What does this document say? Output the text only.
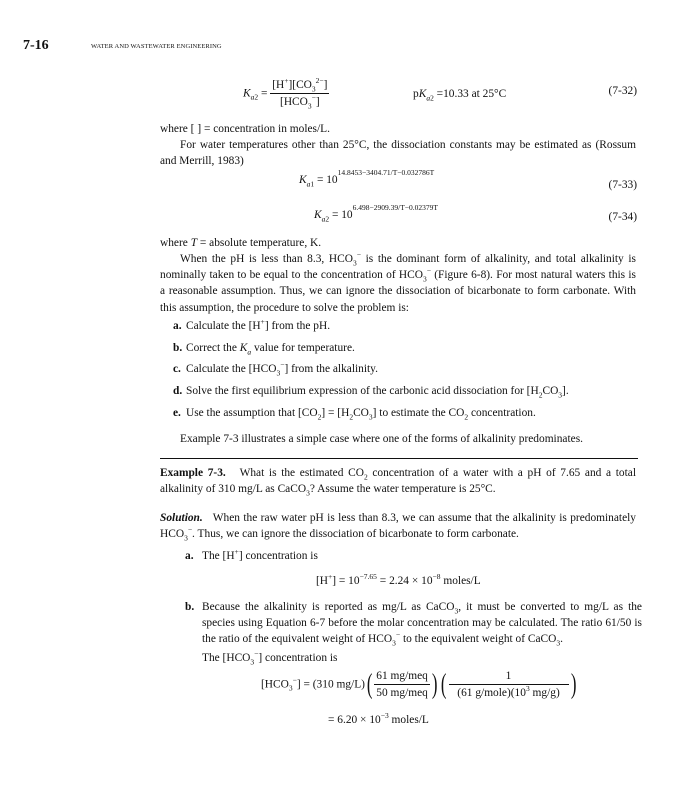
7-16	WATER AND WASTEWATER ENGINEERING
$K_{a2} = \frac{[H^+][CO_3^{2-}]}{[HCO_3^-]}$	$pK_{a2} =10.33$ at 25°C	(7-32)
where [ ] = concentration in moles/L.
For water temperatures other than 25°C, the dissociation constants may be estimated as (Rossum and Merrill, 1983)
$K_{a1} = 10^{14.8453-3404.71/T-0.032786T}$
(7-33)
$K_{a2} = 10^{6.498-2909.39/T-0.02379T}$
(7-34)
where T = absolute temperature, K.
When the pH is less than 8.3, $HCO_3^-$ is the dominant form of alkalinity, and total alkalinity is nominally taken to be equal to the concentration of $HCO_3^-$ (Figure 6-8). For most natural waters this is a reasonable assumption. Thus, we can ignore the dissociation of bicarbonate to form carbonate. With this assumption, the procedure to solve the problem is:
a. Calculate the [H+] from the pH.
b. Correct the $K_a$ value for temperature.
c. Calculate the $[HCO_3^-]$ from the alkalinity.
d. Solve the first equilibrium expression of the carbonic acid dissociation for $[H_2CO_3]$.
e. Use the assumption that $[CO_2] = [H_2CO_3]$ to estimate the $CO_2$ concentration.
Example 7-3 illustrates a simple case where one of the forms of alkalinity predominates.
Example 7-3. What is the estimated $CO_2$ concentration of a water with a pH of 7.65 and a total alkalinity of 310 mg/L as CaCO$_3$? Assume the water temperature is 25°C.
Solution. When the raw water pH is less than 8.3, we can assume that the alkalinity is predominately $HCO_3^-$. Thus, we can ignore the dissociation of bicarbonate to form carbonate.
a. The [H+] concentration is
$[H^+] = 10^{-7.65} = 2.24 \times 10^{-8}$ moles/L
b. Because the alkalinity is reported as mg/L as CaCO$_3$, it must be converted to mg/L as the species using Equation 6-7 before the molar concentration may be calculated. The ratio 61/50 is the ratio of the equivalent weight of $HCO_3^-$ to the equivalent weight of CaCO$_3$.
The $[HCO_3^-]$ concentration is
$[HCO_3^-] = (310$ $mg/L)( \frac{\text{61 mg/meq}}{\text{50 mg/meq}}$ ) ( $\frac{1}{(61 g/mole)(10^3 mg/g)}$ )
= $6.20 \times 10^{-3}$ moles/L
